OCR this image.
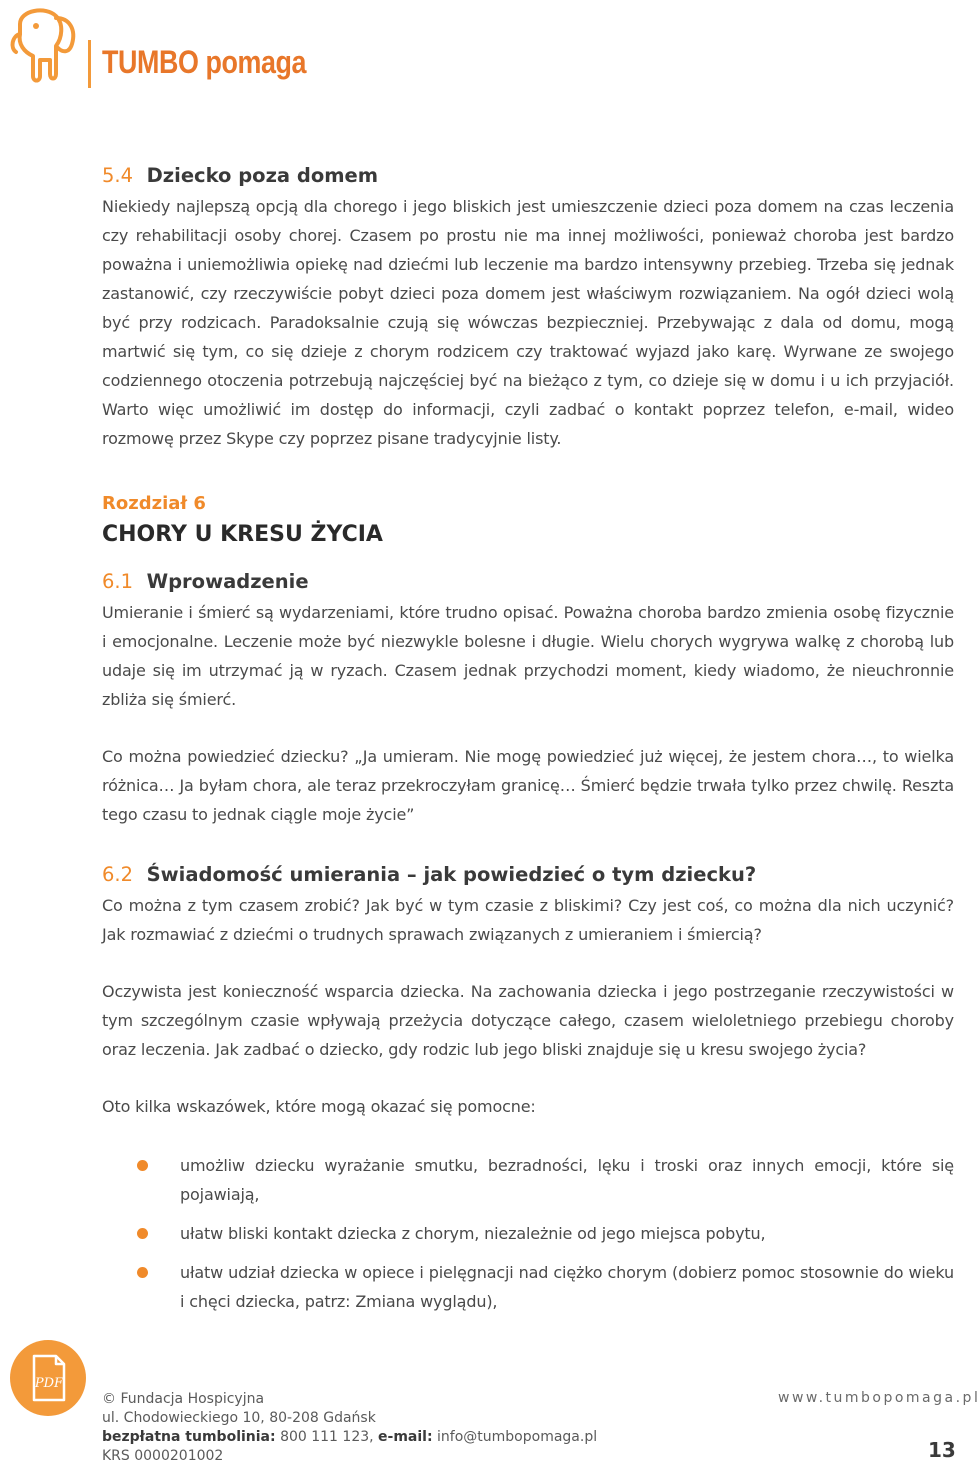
TUMBO pomaga
5.4 Dziecko poza domem

Niekiedy najlepszą opcją dla chorego i jego bliskich jest umieszczenie dzieci poza domem na czas leczenia czy rehabilitacji osoby chorej. Czasem po prostu nie ma innej możliwości, ponieważ choroba jest bardzo poważna i uniemożliwia opiekę nad dziećmi lub leczenie ma bardzo intensywny przebieg. Trzeba się jednak zastanowić, czy rzeczywiście pobyt dzieci poza domem jest właściwym rozwiązaniem. Na ogół dzieci wolą być przy rodzicach. Paradoksalnie czują się wówczas bezpieczniej. Przebywając z dala od domu, mogą martwić się tym, co się dzieje z chorym rodzicem czy traktować wyjazd jako karę. Wyrwane ze swojego codziennego otoczenia potrzebują najczęściej być na bieżąco z tym, co dzieje się w domu i u ich przyjaciół. Warto więc umożliwić im dostęp do informacji, czyli zadbać o kontakt poprzez telefon, e-mail, wideo rozmowę przez Skype czy poprzez pisane tradycyjnie listy.

Rozdział 6

CHORY U KRESU ŻYCIA

6.1 Wprowadzenie

Umieranie i śmierć są wydarzeniami, które trudno opisać. Poważna choroba bardzo zmienia osobę fizycznie i emocjonalne. Leczenie może być niezwykle bolesne i długie. Wielu chorych wygrywa walkę z chorobą lub udaje się im utrzymać ją w ryzach. Czasem jednak przychodzi moment, kiedy wiadomo, że nieuchronnie zbliża się śmierć.

Co można powiedzieć dziecku? „Ja umieram. Nie mogę powiedzieć już więcej, że jestem chora…, to wielka różnica… Ja byłam chora, ale teraz przekroczyłam granicę… Śmierć będzie trwała tylko przez chwilę. Reszta tego czasu to jednak ciągle moje życie”

6.2 Świadomość umierania – jak powiedzieć o tym dziecku?

Co można z tym czasem zrobić? Jak być w tym czasie z bliskimi? Czy jest coś, co można dla nich uczynić? Jak rozmawiać z dziećmi o trudnych sprawach związanych z umieraniem i śmiercią?

Oczywista jest konieczność wsparcia dziecka. Na zachowania dziecka i jego postrzeganie rzeczywistości w tym szczególnym czasie wpływają przeżycia dotyczące całego, czasem wieloletniego przebiegu choroby oraz leczenia. Jak zadbać o dziecko, gdy rodzic lub jego bliski znajduje się u kresu swojego życia?

Oto kilka wskazówek, które mogą okazać się pomocne:

umożliw dziecku wyrażanie smutku, bezradności, lęku i troski oraz innych emocji, które się pojawiają,
ułatw bliski kontakt dziecka z chorym, niezależnie od jego miejsca pobytu,
ułatw udział dziecka w opiece i pielęgnacji nad ciężko chorym (dobierz pomoc stosownie do wieku i chęci dziecka, patrz: Zmiana wyglądu),
PDF
© Fundacja Hospicyjna
ul. Chodowieckiego 10, 80-208 Gdańsk
bezpłatna tumbolinia: 800 111 123, e-mail: info@tumbopomaga.pl
KRS 0000201002
www.tumbopomaga.pl
13
